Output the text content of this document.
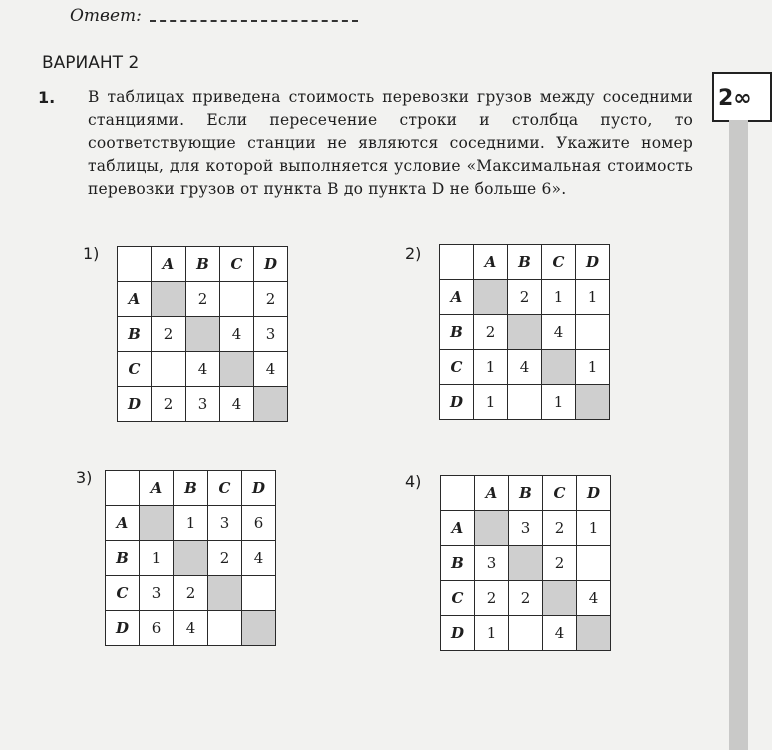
Ответ:
ВАРИАНТ 2
1. В таблицах приведена стоимость перевозки грузов между соседними станциями. Если пересечение строки и столбца пусто, то соответствующие станции не являются соседними. Укажите номер таблицы, для которой выполняется условие «Максимальная стоимость перевозки грузов от пункта B до пункта D не больше 6».
2∞
1)
	A	B	C	D
A		2		2
B	2		4	3
C		4		4
D	2	3	4	
2)
		A	B	C	D
A		2	1	1
B	2		4	
C	1	4		1
D	1		1	
3)
	A	B	C	D
A		1	3	6
B	1		2	4
C	3	2		
D	6	4		
4)
	A	B	C	D
A		3	2	1
B	3		2	
C	2	2		4
D	1		4	
